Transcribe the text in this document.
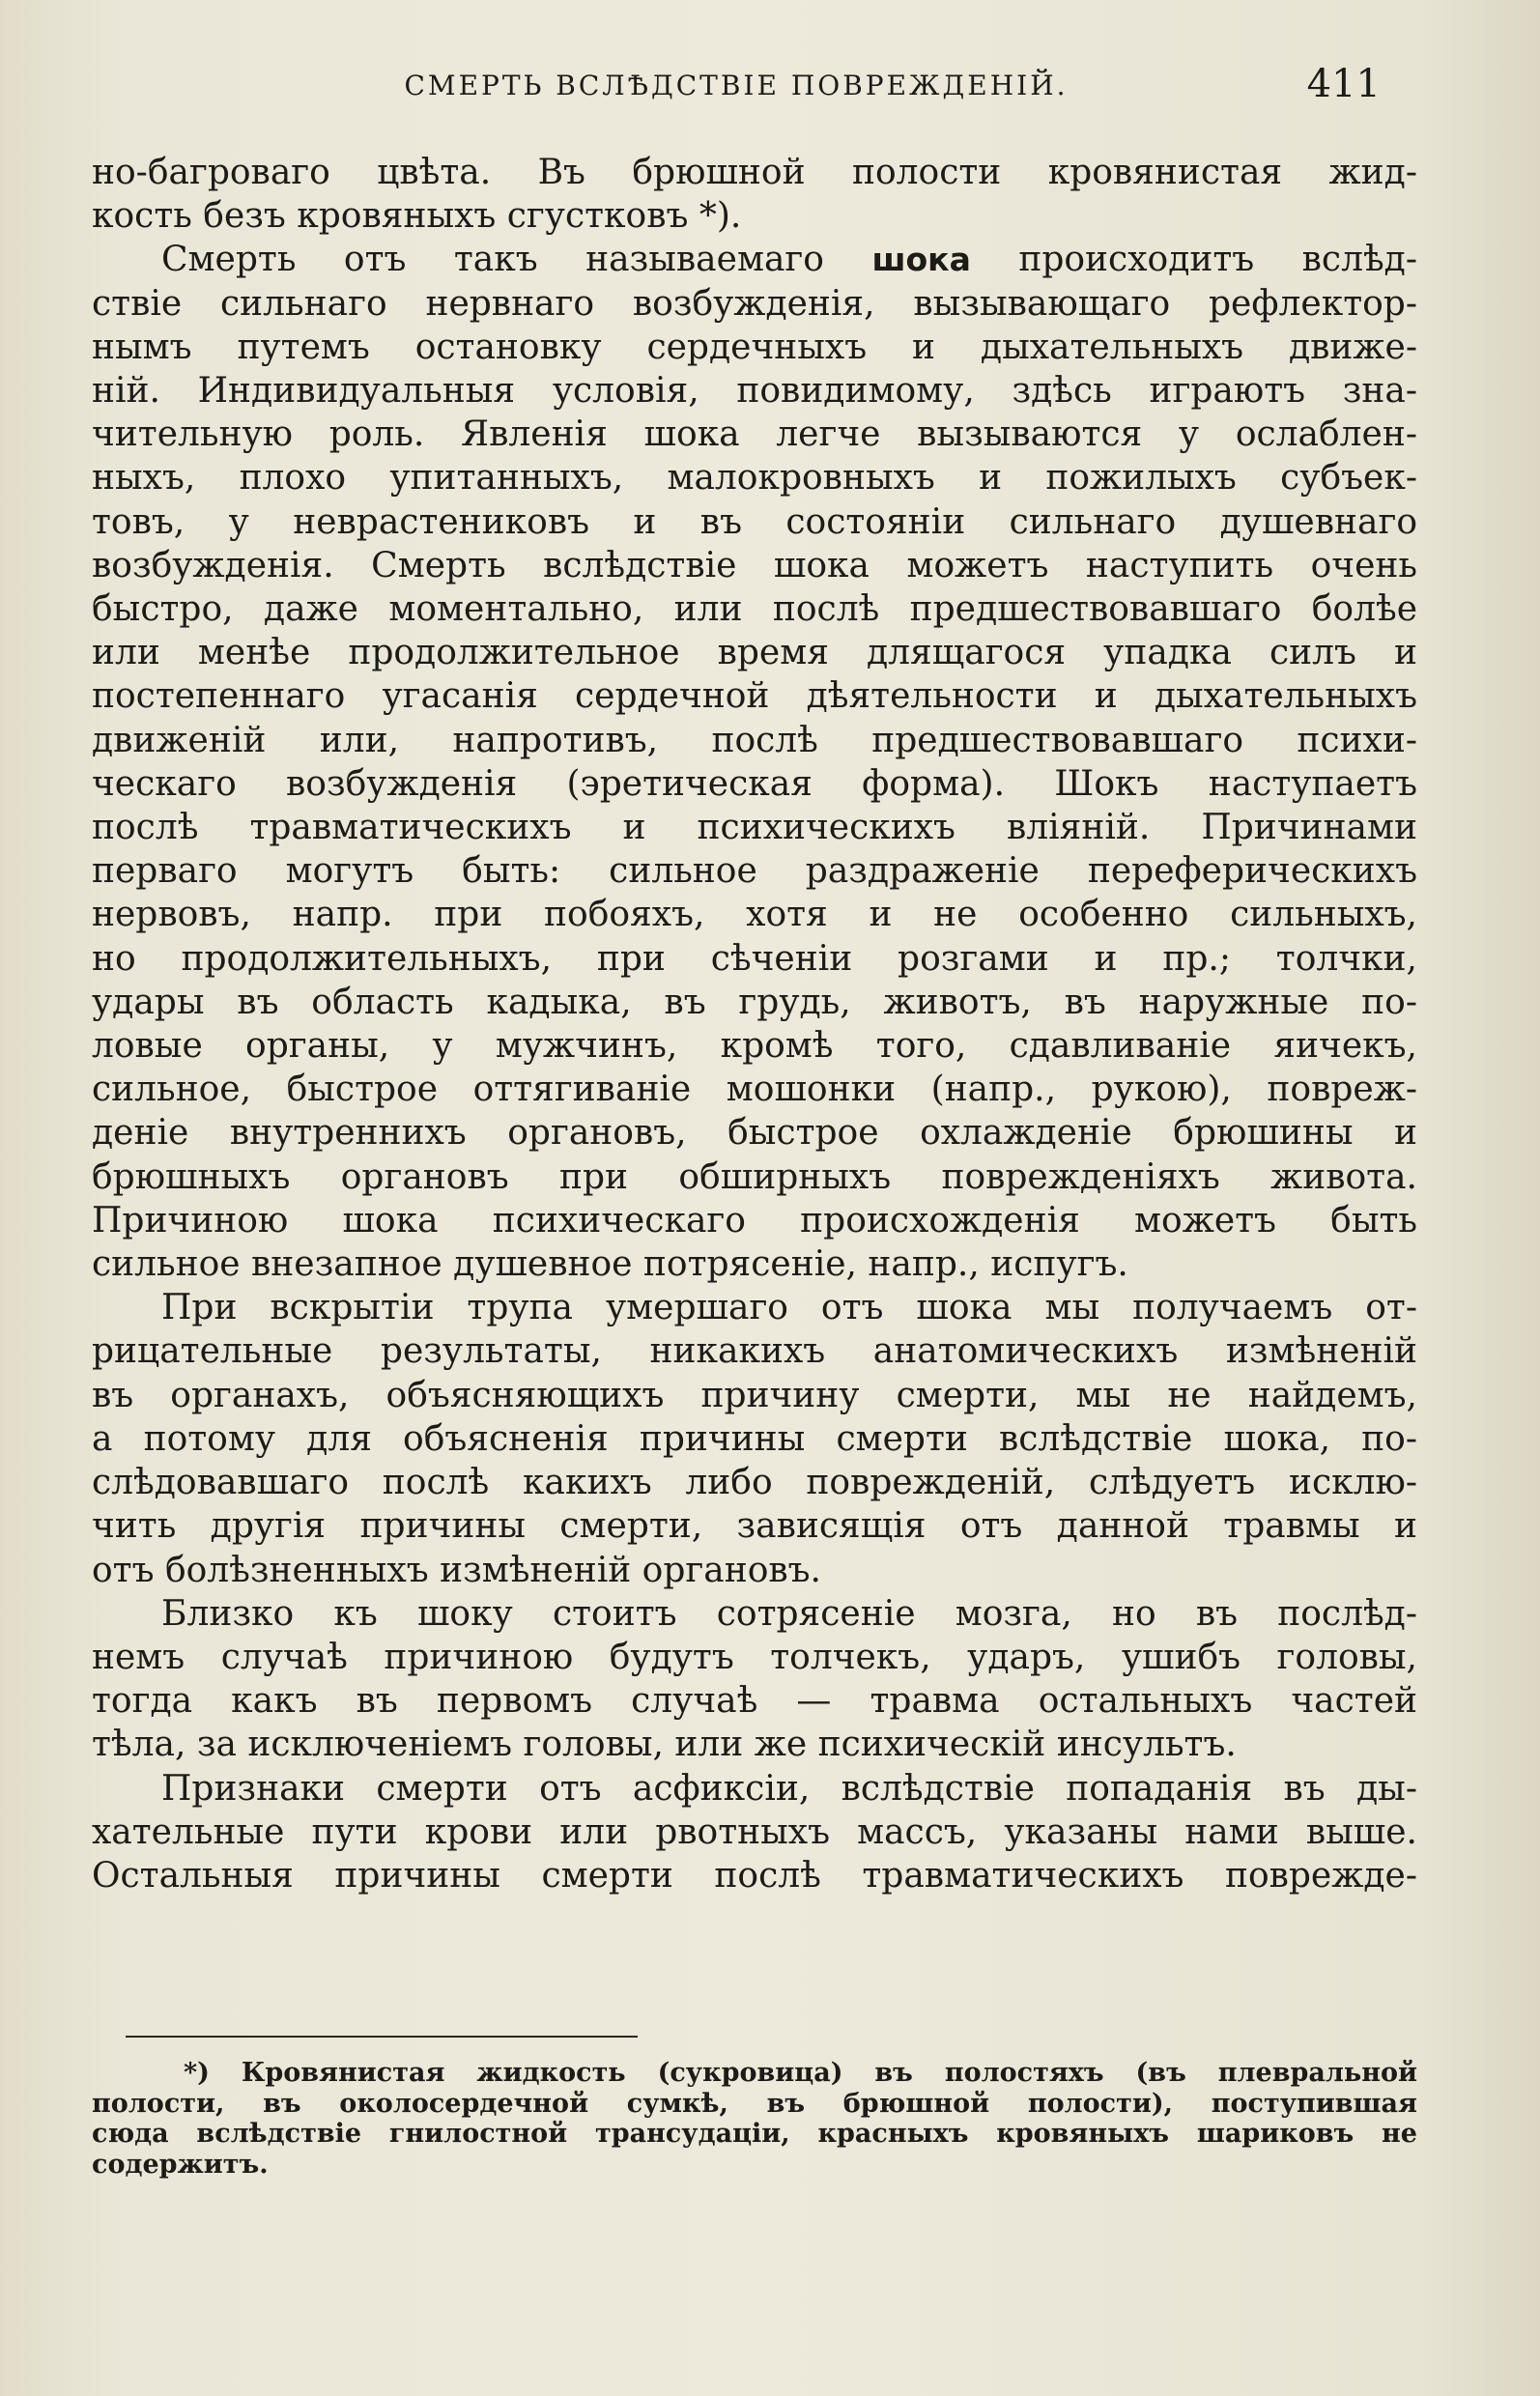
СМЕРТЬ ВСЛѢДСТВІЕ ПОВРЕЖДЕНІЙ.	411

но-багроваго цвѣта. Въ брюшной полости кровянистая жид-
кость безъ кровяныхъ сгустковъ *).

Смерть отъ такъ называемаго шока происходитъ вслѣд-
ствіе сильнаго нервнаго возбужденія, вызывающаго рефлектор-
нымъ путемъ остановку сердечныхъ и дыхательныхъ движе-
ній. Индивидуальныя условія, повидимому, здѣсь играютъ зна-
чительную роль. Явленія шока легче вызываются у ослаблен-
ныхъ, плохо упитанныхъ, малокровныхъ и пожилыхъ субъек-
товъ, у неврастениковъ и въ состояніи сильнаго душевнаго
возбужденія. Смерть вслѣдствіе шока можетъ наступить очень
быстро, даже моментально, или послѣ предшествовавшаго болѣе
или менѣе продолжительное время длящагося упадка силъ и
постепеннаго угасанія сердечной дѣятельности и дыхательныхъ
движеній или, напротивъ, послѣ предшествовавшаго психи-
ческаго возбужденія (эретическая форма). Шокъ наступаетъ
послѣ травматическихъ и психическихъ вліяній. Причинами
перваго могутъ быть: сильное раздраженіе переферическихъ
нервовъ, напр. при побояхъ, хотя и не особенно сильныхъ,
но продолжительныхъ, при сѣченіи розгами и пр.; толчки,
удары въ область кадыка, въ грудь, животъ, въ наружные по-
ловые органы, у мужчинъ, кромѣ того, сдавливаніе яичекъ,
сильное, быстрое оттягиваніе мошонки (напр., рукою), повреж-
деніе внутреннихъ органовъ, быстрое охлажденіе брюшины и
брюшныхъ органовъ при обширныхъ поврежденіяхъ живота.
Причиною шока психическаго происхожденія можетъ быть
сильное внезапное душевное потрясеніе, напр., испугъ.

При вскрытіи трупа умершаго отъ шока мы получаемъ от-
рицательные результаты, никакихъ анатомическихъ измѣненій
въ органахъ, объясняющихъ причину смерти, мы не найдемъ,
а потому для объясненія причины смерти вслѣдствіе шока, по-
слѣдовавшаго послѣ какихъ либо поврежденій, слѣдуетъ исклю-
чить другія причины смерти, зависящія отъ данной травмы и
отъ болѣзненныхъ измѣненій органовъ.

Близко къ шоку стоитъ сотрясеніе мозга, но въ послѣд-
немъ случаѣ причиною будутъ толчекъ, ударъ, ушибъ головы,
тогда какъ въ первомъ случаѣ — травма остальныхъ частей
тѣла, за исключеніемъ головы, или же психическій инсультъ.

Признаки смерти отъ асфиксіи, вслѣдствіе попаданія въ ды-
хательные пути крови или рвотныхъ массъ, указаны нами выше.
Остальныя причины смерти послѣ травматическихъ поврежде-

*) Кровянистая жидкость (сукровица) въ полостяхъ (въ плевральной
полости, въ околосердечной сумкѣ, въ брюшной полости), поступившая
сюда вслѣдствіе гнилостной трансудаціи, красныхъ кровяныхъ шариковъ не
содержитъ.
